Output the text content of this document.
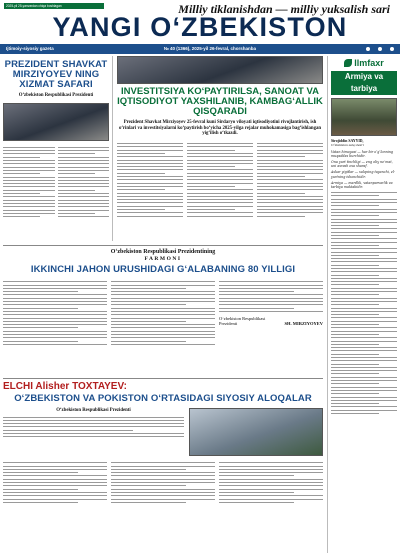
2025-yil 25-yanvardan chiqa boshlagan	Milliy tiklanishdan — milliy yuksalish sari
YANGI O‘ZBEKISTON
Ijtimoiy-siyosiy gazeta	№ 40 (1366), 2025-yil 26-fevral, chorshanba
PREZIDENT SHAVKAT MIRZIYOYEV NING XIZMAT SAFARI
O‘zbekiston Respublikasi Prezidenti	INVESTITSIYA KO‘PAYTIRILSA, SANOAT VA IQTISODIYOT YAXSHILANIB, KAMBAG‘ALLIK QISQARADI
Prezident Shavkat Mirziyoyev 25-fevral kuni Sirdaryo viloyati iqtisodiyotini rivojlantirish, ish o‘rinlari va investitsiyalarni ko‘paytirish bo‘yicha 2025-yilga rejalar muhokamasiga bag‘ishlangan yig‘ilish o‘tkazdi.
Ilmfaxr
Armiya va tarbiya
Sirojiddin SAYYID,
O‘zbekiston xalq shoiri

Vatan himoyasi — har bir o‘g‘lonning muqaddas burchidir.

Ona yurt tinchligi — eng oliy ne’mat, uni asrash esa sharaf.

Askar yigitlar — xalqning tayanchi, el-yurtning ishonchidir.

Armiya — mardlik, vatanparvarlik va tarbiya maktabidir.

O‘zbekiston Respublikasi Prezidentining
FARMONI
IKKINCHI JAHON URUSHIDAGI G‘ALABANING 80 YILLIGI
O‘zbekiston Respublikasi Prezidenti	SH. MIRZIYOYEV
ELCHI Alisher TOXTAYEV:
O‘ZBEKISTON VA POKISTON O‘RTASIDAGI SIYOSIY ALOQALAR
O‘zbekiston Respublikasi Prezidenti
